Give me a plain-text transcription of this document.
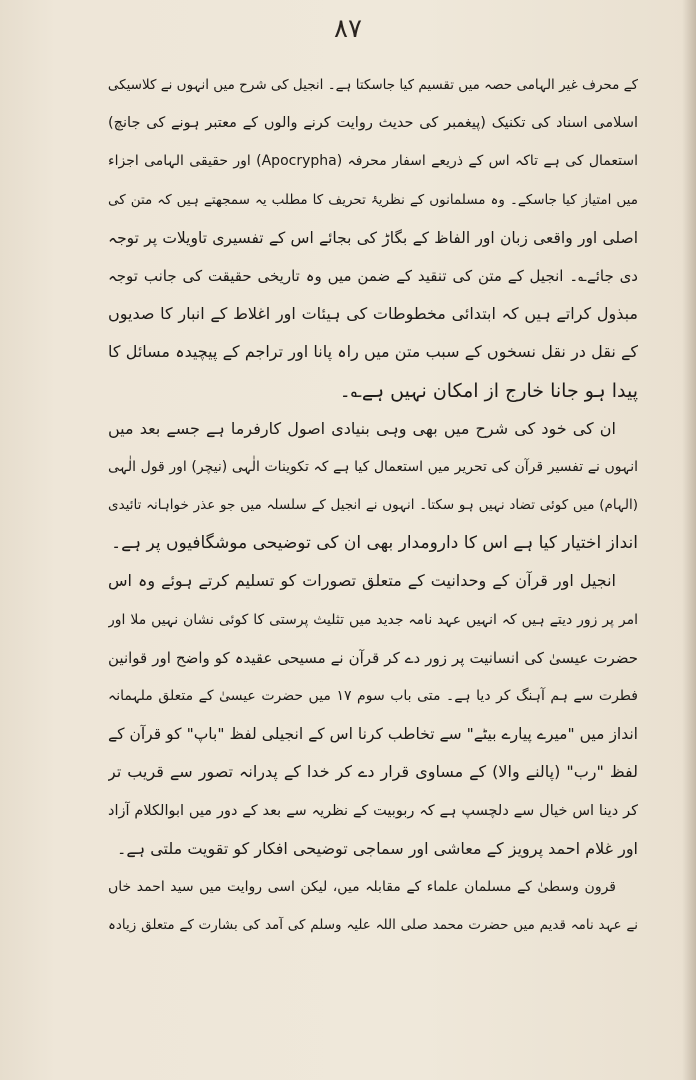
٨٧
کے محرف غیر الہامی حصہ میں تقسیم کیا جاسکتا ہے۔ انجیل کی شرح میں انہوں نے کلاسیکی
اسلامی اسناد کی تکنیک (پیغمبر کی حدیث روایت کرنے والوں کے معتبر ہونے کی جانچ)
استعمال کی ہے تاکہ اس کے ذریعے اسفار محرفہ (Apocrypha) اور حقیقی الہامی اجزاء
میں امتیاز کیا جاسکے۔ وہ مسلمانوں کے نظریۂ تحریف کا مطلب یہ سمجھتے ہیں کہ متن کی
اصلی اور واقعی زبان اور الفاظ کے بگاڑ کی بجائے اس کے تفسیری تاویلات پر توجہ
دی جائے؎۔ انجیل کے متن کی تنقید کے ضمن میں وہ تاریخی حقیقت کی جانب توجہ
مبذول کراتے ہیں کہ ابتدائی مخطوطات کی ہیئات اور اغلاط کے انبار کا صدیوں
کے نقل در نقل نسخوں کے سبب متن میں راہ پانا اور تراجم کے پیچیدہ مسائل کا
پیدا ہو جانا خارج از امکان نہیں ہے؎۔
ان کی خود کی شرح میں بھی وہی بنیادی اصول کارفرما ہے جسے بعد میں
انہوں نے تفسیر قرآن کی تحریر میں استعمال کیا ہے کہ تکوینات الٰہی (نیچر) اور قول الٰہی
(الہام) میں کوئی تضاد نہیں ہو سکتا۔ انہوں نے انجیل کے سلسلہ میں جو عذر خواہانہ تائیدی
انداز اختیار کیا ہے اس کا دارومدار بھی ان کی توضیحی موشگافیوں پر ہے۔
انجیل اور قرآن کے وحدانیت کے متعلق تصورات کو تسلیم کرتے ہوئے وہ اس
امر پر زور دیتے ہیں کہ انہیں عہد نامہ جدید میں تثلیث پرستی کا کوئی نشان نہیں ملا اور
حضرت عیسیٰ کی انسانیت پر زور دے کر قرآن نے مسیحی عقیدہ کو واضح اور قوانین
فطرت سے ہم آہنگ کر دیا ہے۔ متی باب سوم ۱۷ میں حضرت عیسیٰ کے متعلق ملہمانہ
انداز میں "میرے پیارے بیٹے" سے تخاطب کرنا اس کے انجیلی لفظ "باپ" کو قرآن کے
لفظ "رب" (پالنے والا) کے مساوی قرار دے کر خدا کے پدرانہ تصور سے قریب تر
کر دینا اس خیال سے دلچسپ ہے کہ ربوبیت کے نظریہ سے بعد کے دور میں ابوالکلام آزاد
اور غلام احمد پرویز کے معاشی اور سماجی توضیحی افکار کو تقویت ملتی ہے۔
قرون وسطیٰ کے مسلمان علماء کے مقابلہ میں، لیکن اسی روایت میں سید احمد خاں
نے عہد نامہ قدیم میں حضرت محمد صلی اللہ علیہ وسلم کی آمد کی بشارت کے متعلق زیادہ
